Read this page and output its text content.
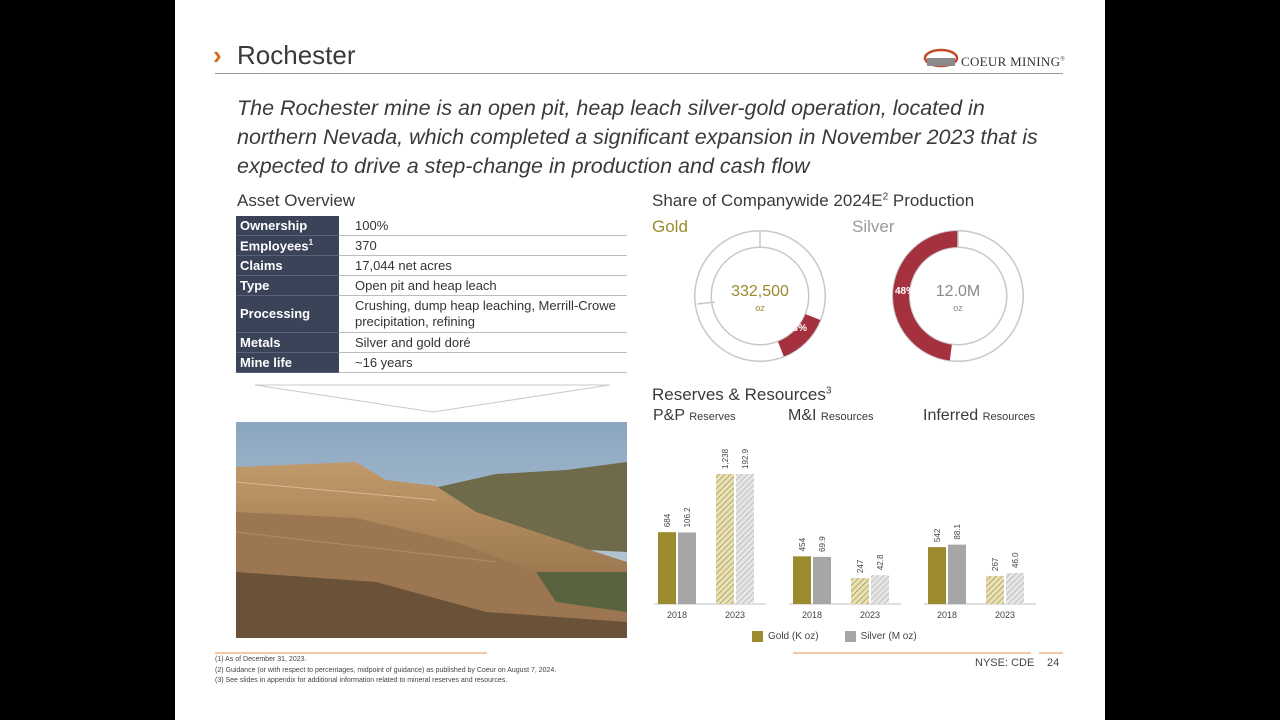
› Rochester	COEUR MINING®
The Rochester mine is an open pit, heap leach silver-gold operation, located in northern Nevada, which completed a significant expansion in November 2023 that is expected to drive a step-change in production and cash flow
Asset Overview
Ownership	100%
Employees$^1$	370
Claims	17,044 net acres
Type	Open pit and heap leach
Processing	Crushing, dump heap leaching, Merrill-Crowe precipitation, refining
Metals	Silver and gold doré
Mine life	~16 years
Share of Companywide $2024E^2$ Production
Gold	Silver
332,500
oz
13%
12.0M
oz
48%
Reserves & Resources$^3$
P&P Reserves	M&I Resources	Inferred Resources
684 106.2
2018
1,238 192.9
2023
454 69.9
2018
247 42.8
2023
542 88.1
2018
267 46.0
2023
Gold (K oz)	Silver (M oz)
(1) As of December 31, 2023.
(2) Guidance (or with respect to percentages, midpoint of guidance) as published by Coeur on August 7, 2024.
(3) See slides in appendix for additional information related to mineral reserves and resources.
NYSE: CDE 24
